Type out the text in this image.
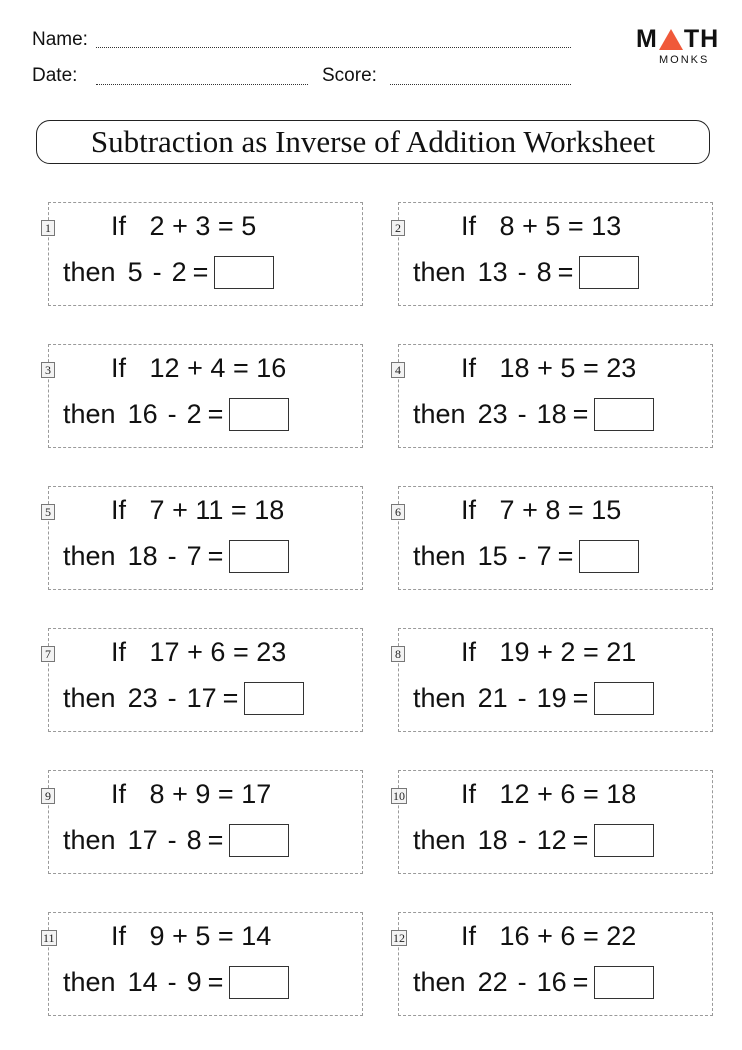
Name:
Date:	Score:
M TH
MONKS
Subtraction as Inverse of Addition Worksheet
1 If 2 + 3 = 5
then 5 - 2 =
2 If 8 + 5 = 13
then 13 - 8 =
3 If 12 + 4 = 16
then 16 - 2 =
4 If 18 + 5 = 23
then 23 - 18 =
5 If 7 + 11 = 18
then 18 - 7 =
6 If 7 + 8 = 15
then 15 - 7 =
7 If 17 + 6 = 23
then 23 - 17 =
8 If 19 + 2 = 21
then 21 - 19 =
9 If 8 + 9 = 17
then 17 - 8 =
10 If 12 + 6 = 18
then 18 - 12 =
11 If 9 + 5 = 14
then 14 - 9 =
12 If 16 + 6 = 22
then 22 - 16 =
